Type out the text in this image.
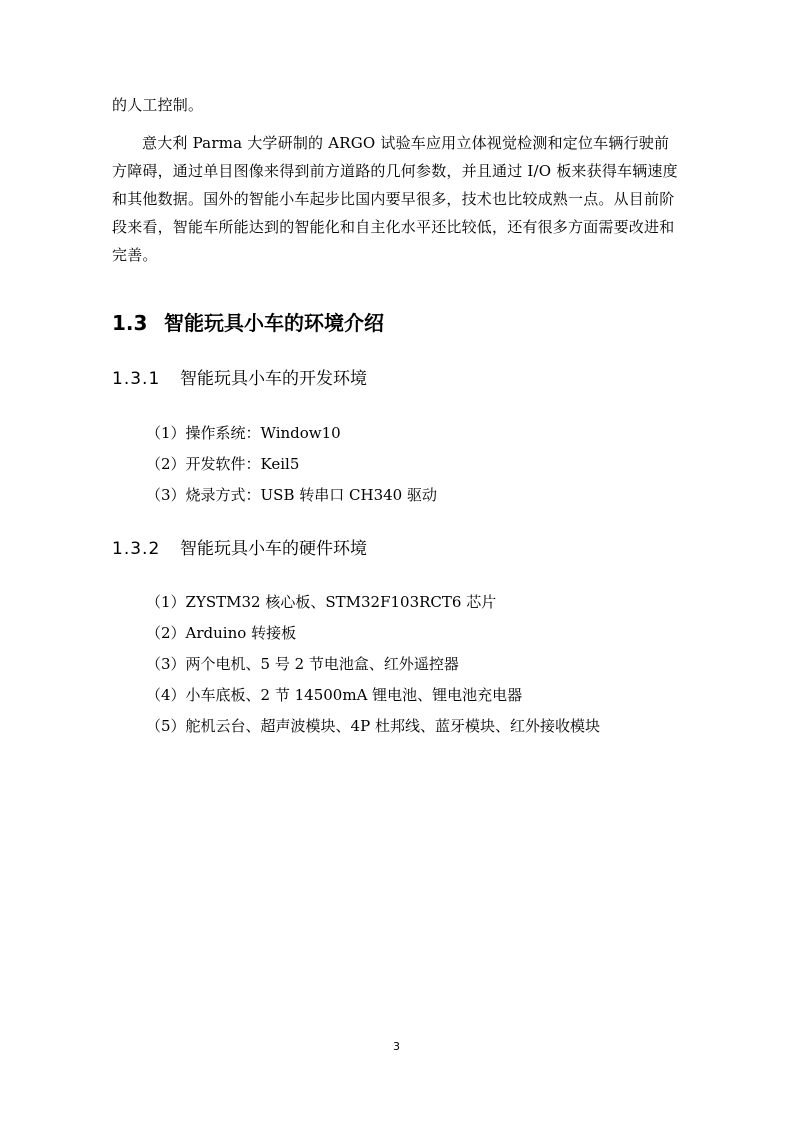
的人工控制。

意大利 Parma 大学研制的 ARGO 试验车应用立体视觉检测和定位车辆行驶前方障碍，通过单目图像来得到前方道路的几何参数，并且通过 I/O 板来获得车辆速度和其他数据。国外的智能小车起步比国内要早很多，技术也比较成熟一点。从目前阶段来看，智能车所能达到的智能化和自主化水平还比较低，还有很多方面需要改进和完善。

1.3 智能玩具小车的环境介绍
1.3.1 智能玩具小车的开发环境
（1）操作系统：Window10
（2）开发软件：Keil5
（3）烧录方式：USB 转串口 CH340 驱动
1.3.2 智能玩具小车的硬件环境
（1）ZYSTM32 核心板、STM32F103RCT6 芯片
（2）Arduino 转接板
（3）两个电机、5 号 2 节电池盒、红外遥控器
（4）小车底板、2 节 14500mA 锂电池、锂电池充电器
（5）舵机云台、超声波模块、4P 杜邦线、蓝牙模块、红外接收模块
3
